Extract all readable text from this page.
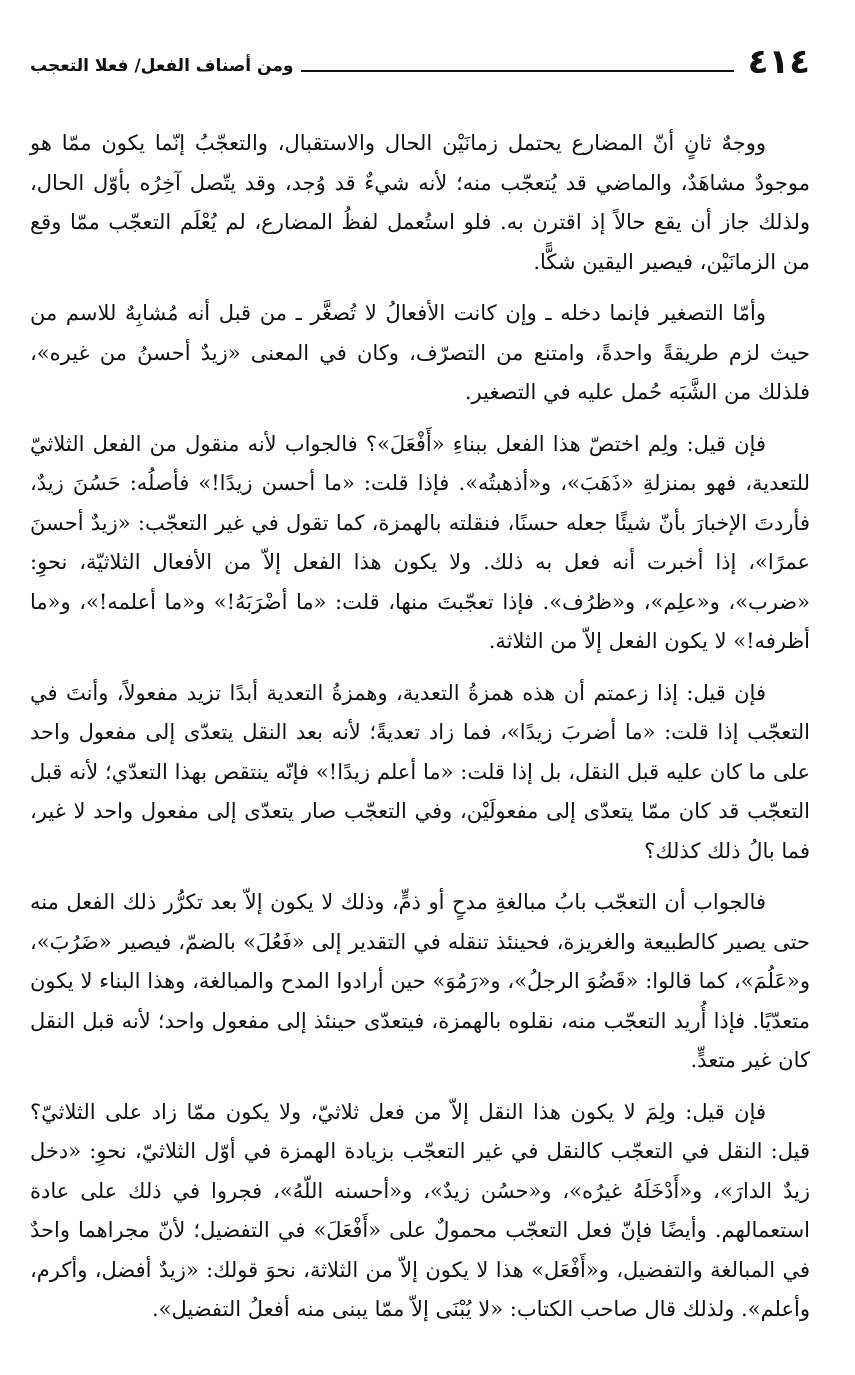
٤١٤
ومن أصناف الفعل/ فعلا التعجب

ووجهٌ ثانٍ أنّ المضارع يحتمل زمانَيْن الحال والاستقبال، والتعجّبُ إنّما يكون ممّا هو موجودٌ مشاهَدٌ، والماضي قد يُتعجّب منه؛ لأنه شيءٌ قد وُجد، وقد يتّصل آخِرُه بأوّل الحال، ولذلك جاز أن يقع حالاً إذ اقترن به. فلو استُعمل لفظُ المضارع، لم يُعْلَم التعجّب ممّا وقع من الزمانَيْن، فيصير اليقين شكًّا.

وأمّا التصغير فإنما دخله ـ وإن كانت الأفعالُ لا تُصغَّر ـ من قبل أنه مُشابِهٌ للاسم من حيث لزم طريقةً واحدةً، وامتنع من التصرّف، وكان في المعنى «زيدٌ أحسنُ من غيره»، فلذلك من الشَّبَه حُمل عليه في التصغير.

فإن قيل: ولِم اختصّ هذا الفعل ببناءِ «أَفْعَلَ»؟ فالجواب لأنه منقول من الفعل الثلاثيّ للتعدية، فهو بمنزلةِ «ذَهَبَ»، و«أذهبتُه». فإذا قلت: «ما أحسن زيدًا!» فأصلُه: حَسُنَ زيدٌ، فأردتَ الإخبارَ بأنّ شيئًا جعله حسنًا، فنقلته بالهمزة، كما تقول في غير التعجّب: «زيدٌ أحسنَ عمرًا»، إذا أخبرت أنه فعل به ذلك. ولا يكون هذا الفعل إلاّ من الأفعال الثلاثيّة، نحوِ: «ضرب»، و«علِم»، و«ظرُف». فإذا تعجّبتَ منها، قلت: «ما أضْرَبَهُ!» و«ما أعلمه!»، و«ما أظرفه!» لا يكون الفعل إلاّ من الثلاثة.

فإن قيل: إذا زعمتم أن هذه همزةُ التعدية، وهمزةُ التعدية أبدًا تزيد مفعولاً، وأنتَ في التعجّب إذا قلت: «ما أضربَ زيدًا»، فما زاد تعديةً؛ لأنه بعد النقل يتعدّى إلى مفعول واحد على ما كان عليه قبل النقل، بل إذا قلت: «ما أعلم زيدًا!» فإنّه ينتقص بهذا التعدّي؛ لأنه قبل التعجّب قد كان ممّا يتعدّى إلى مفعولَيْن، وفي التعجّب صار يتعدّى إلى مفعول واحد لا غير، فما بالُ ذلك كذلك؟

فالجواب أن التعجّب بابُ مبالغةِ مدحٍ أو ذمٍّ، وذلك لا يكون إلاّ بعد تكرُّر ذلك الفعل منه حتى يصير كالطبيعة والغريزة، فحينئذ تنقله في التقدير إلى «فَعُلَ» بالضمّ، فيصير «ضَرُبَ»، و«عَلُمَ»، كما قالوا: «قَضُوَ الرجلُ»، و«رَمُوَ» حين أرادوا المدح والمبالغة، وهذا البناء لا يكون متعدّيًا. فإذا أُريد التعجّب منه، نقلوه بالهمزة، فيتعدّى حينئذ إلى مفعول واحد؛ لأنه قبل النقل كان غير متعدٍّ.

فإن قيل: ولِمَ لا يكون هذا النقل إلاّ من فعل ثلاثيّ، ولا يكون ممّا زاد على الثلاثيّ؟ قيل: النقل في التعجّب كالنقل في غير التعجّب بزيادة الهمزة في أوّل الثلاثيّ، نحوِ: «دخل زيدٌ الدارَ»، و«أَدْخَلَهُ غيرُه»، و«حسُن زيدٌ»، و«أحسنه اللّهُ»، فجروا في ذلك على عادة استعمالهم. وأيضًا فإنّ فعل التعجّب محمولٌ على «أَفْعَلَ» في التفضيل؛ لأنّ مجراهما واحدٌ في المبالغة والتفضيل، و«أَفْعَل» هذا لا يكون إلاّ من الثلاثة، نحوَ قولك: «زيدٌ أفضل، وأكرم، وأعلم». ولذلك قال صاحب الكتاب: «لا يُبْنَى إلاّ ممّا يبنى منه أفعلُ التفضيل».
